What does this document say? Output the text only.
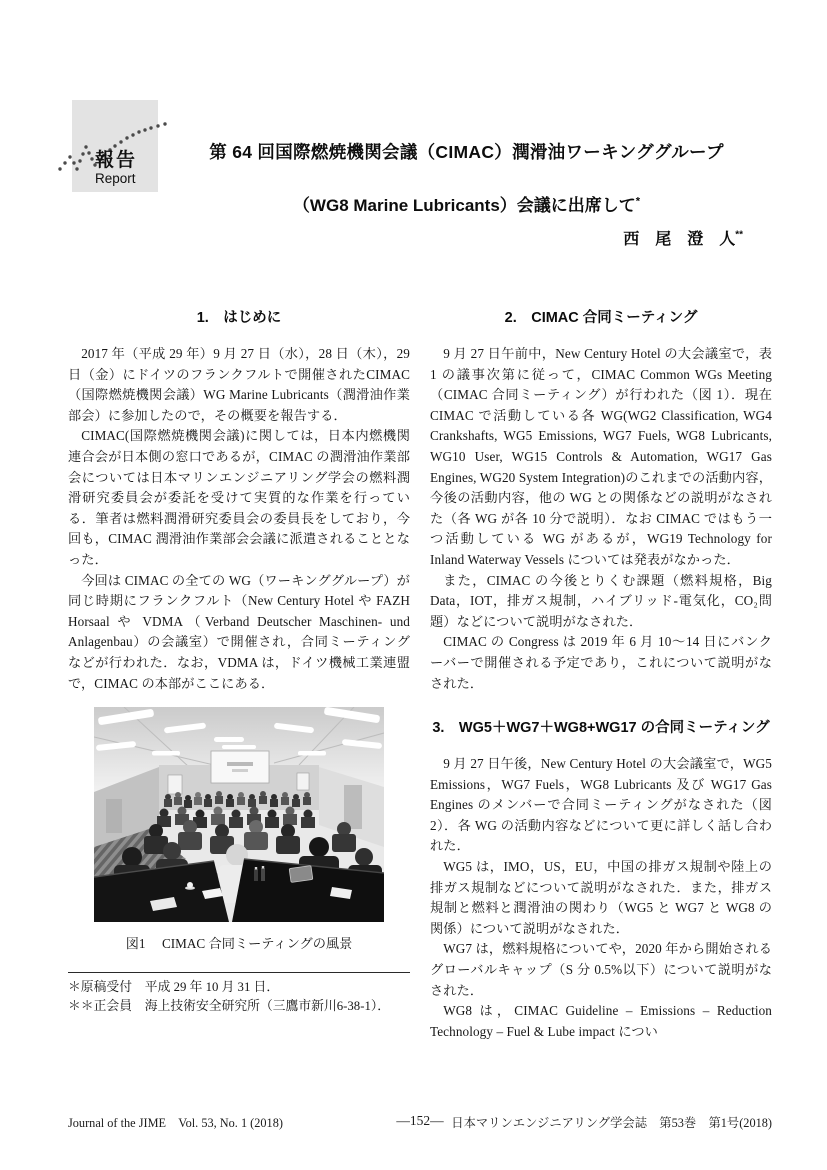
報告
Report
第 64 回国際燃焼機関会議（CIMAC）潤滑油ワーキンググループ
（WG8 Marine Lubricants）会議に出席して*
西　尾　澄　人**
1.　はじめに

2017 年（平成 29 年）9 月 27 日（水），28 日（木），29 日（金）にドイツのフランクフルトで開催されたCIMAC（国際燃焼機関会議）WG Marine Lubricants（潤滑油作業部会）に参加したので，その概要を報告する．

CIMAC(国際燃焼機関会議)に関しては，日本内燃機関連合会が日本側の窓口であるが，CIMAC の潤滑油作業部会については日本マリンエンジニアリング学会の燃料潤滑研究委員会が委託を受けて実質的な作業を行っている．筆者は燃料潤滑研究委員会の委員長をしており，今回も，CIMAC 潤滑油作業部会会議に派遣されることとなった．

今回は CIMAC の全ての WG（ワーキンググループ）が同じ時期にフランクフルト（New Century Hotel や FAZH Horsaal や VDMA（Verband Deutscher Maschinen- und Anlagenbau）の会議室）で開催され，合同ミーティングなどが行われた．なお，VDMA は，ドイツ機械工業連盟で，CIMAC の本部がここにある．

図1　 CIMAC 合同ミーティングの風景
＊原稿受付　平成 29 年 10 月 31 日．
＊＊正会員　海上技術安全研究所（三鷹市新川6-38-1）．
2.　CIMAC 合同ミーティング

9 月 27 日午前中，New Century Hotel の大会議室で，表 1 の議事次第に従って，CIMAC Common WGs Meeting（CIMAC 合同ミーティング）が行われた（図 1）．現在 CIMAC で活動している各 WG(WG2 Classification, WG4 Crankshafts, WG5 Emissions, WG7 Fuels, WG8 Lubricants, WG10 User, WG15 Controls & Automation, WG17 Gas Engines, WG20 System Integration)のこれまでの活動内容，今後の活動内容，他の WG との関係などの説明がなされた（各 WG が各 10 分で説明）．なお CIMAC ではもう一つ活動している WG があるが，WG19 Technology for Inland Waterway Vessels については発表がなかった．

また，CIMAC の今後とりくむ課題（燃料規格，Big Data，IOT，排ガス規制，ハイブリッド‐電気化，CO₂問題）などについて説明がなされた．

CIMAC の Congress は 2019 年 6 月 10～14 日にバンクーバーで開催される予定であり，これについて説明がなされた．

3.　WG5＋WG7＋WG8+WG17 の合同ミーティング

9 月 27 日午後，New Century Hotel の大会議室で，WG5 Emissions，WG7 Fuels，WG8 Lubricants 及び WG17 Gas Engines のメンバーで合同ミーティングがなされた（図 2）．各 WG の活動内容などについて更に詳しく話し合われた．

WG5 は，IMO，US，EU，中国の排ガス規制や陸上の排ガス規制などについて説明がなされた．また，排ガス規制と燃料と潤滑油の関わり（WG5 と WG7 と WG8 の関係）について説明がなされた．

WG7 は，燃料規格についてや，2020 年から開始されるグローバルキャップ（S 分 0.5%以下）について説明がなされた．

WG8 は，CIMAC Guideline – Emissions – Reduction Technology – Fuel & Lube impact につい

―152―
Journal of the JIME　Vol. 53, No. 1 (2018)	日本マリンエンジニアリング学会誌　第53巻　第1号(2018)
